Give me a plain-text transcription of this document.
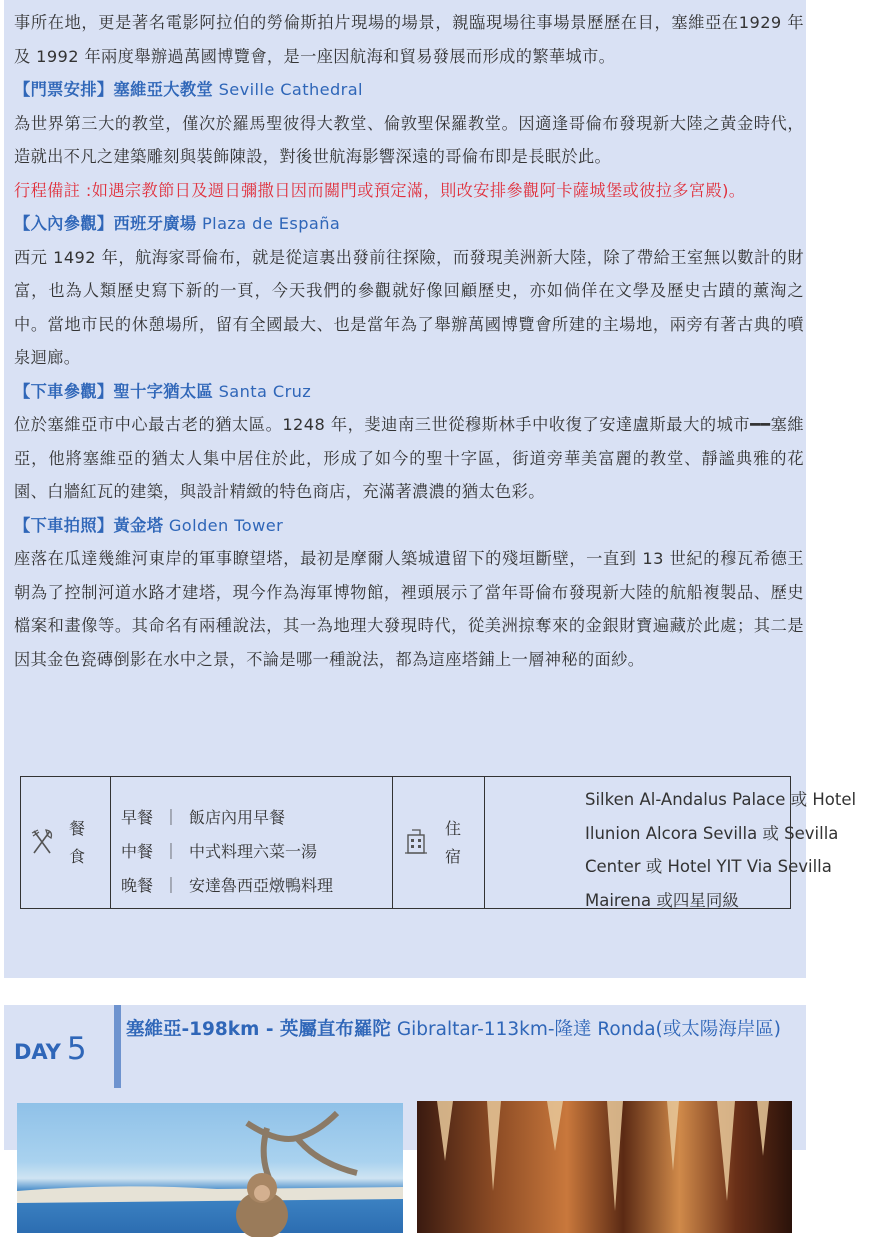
事所在地，更是著名電影阿拉伯的勞倫斯拍片現場的場景，親臨現場往事場景歷歷在目，塞維亞在1929 年及 1992 年兩度舉辦過萬國博覽會，是一座因航海和貿易發展而形成的繁華城市。

【門票安排】塞維亞大教堂 Seville Cathedral

為世界第三大的教堂，僅次於羅馬聖彼得大教堂、倫敦聖保羅教堂。因適逢哥倫布發現新大陸之黃金時代，造就出不凡之建築雕刻與裝飾陳設，對後世航海影響深遠的哥倫布即是長眠於此。

行程備註 :如遇宗教節日及週日彌撒日因而關門或預定滿，則改安排參觀阿卡薩城堡或彼拉多宮殿)。

【入內參觀】西班牙廣場 Plaza de España

西元 1492 年，航海家哥倫布，就是從這裏出發前往探險，而發現美洲新大陸，除了帶給王室無以數計的財富，也為人類歷史寫下新的一頁，今天我們的參觀就好像回顧歷史，亦如倘佯在文學及歷史古蹟的薰淘之中。當地市民的休憩場所，留有全國最大、也是當年為了舉辦萬國博覽會所建的主場地，兩旁有著古典的噴泉迴廊。

【下車參觀】聖十字猶太區 Santa Cruz

位於塞維亞市中心最古老的猶太區。1248 年，斐迪南三世從穆斯林手中收復了安達盧斯最大的城市━━塞維亞，他將塞維亞的猶太人集中居住於此，形成了如今的聖十字區，街道旁華美富麗的教堂、靜謐典雅的花園、白牆紅瓦的建築，與設計精緻的特色商店，充滿著濃濃的猶太色彩。

【下車拍照】黃金塔 Golden Tower

座落在瓜達幾維河東岸的軍事瞭望塔，最初是摩爾人築城遺留下的殘垣斷壁，一直到 13 世紀的穆瓦希德王朝為了控制河道水路才建塔，現今作為海軍博物館，裡頭展示了當年哥倫布發現新大陸的航船複製品、歷史檔案和畫像等。其命名有兩種說法，其一為地理大發現時代，從美洲掠奪來的金銀財寶遍藏於此處；其二是因其金色瓷磚倒影在水中之景，不論是哪一種說法，都為這座塔鋪上一層神秘的面紗。

餐
食
早餐 ｜ 飯店內用早餐
中餐 ｜ 中式料理六菜一湯
晚餐 ｜ 安達魯西亞燉鴨料理
住
宿
Silken Al-Andalus Palace 或 Hotel Ilunion Alcora Sevilla 或 Sevilla Center 或 Hotel YIT Via Sevilla Mairena 或四星同級
DAY 5
塞維亞-198km - 英屬直布羅陀 Gibraltar-113km-隆達 Ronda(或太陽海岸區)
